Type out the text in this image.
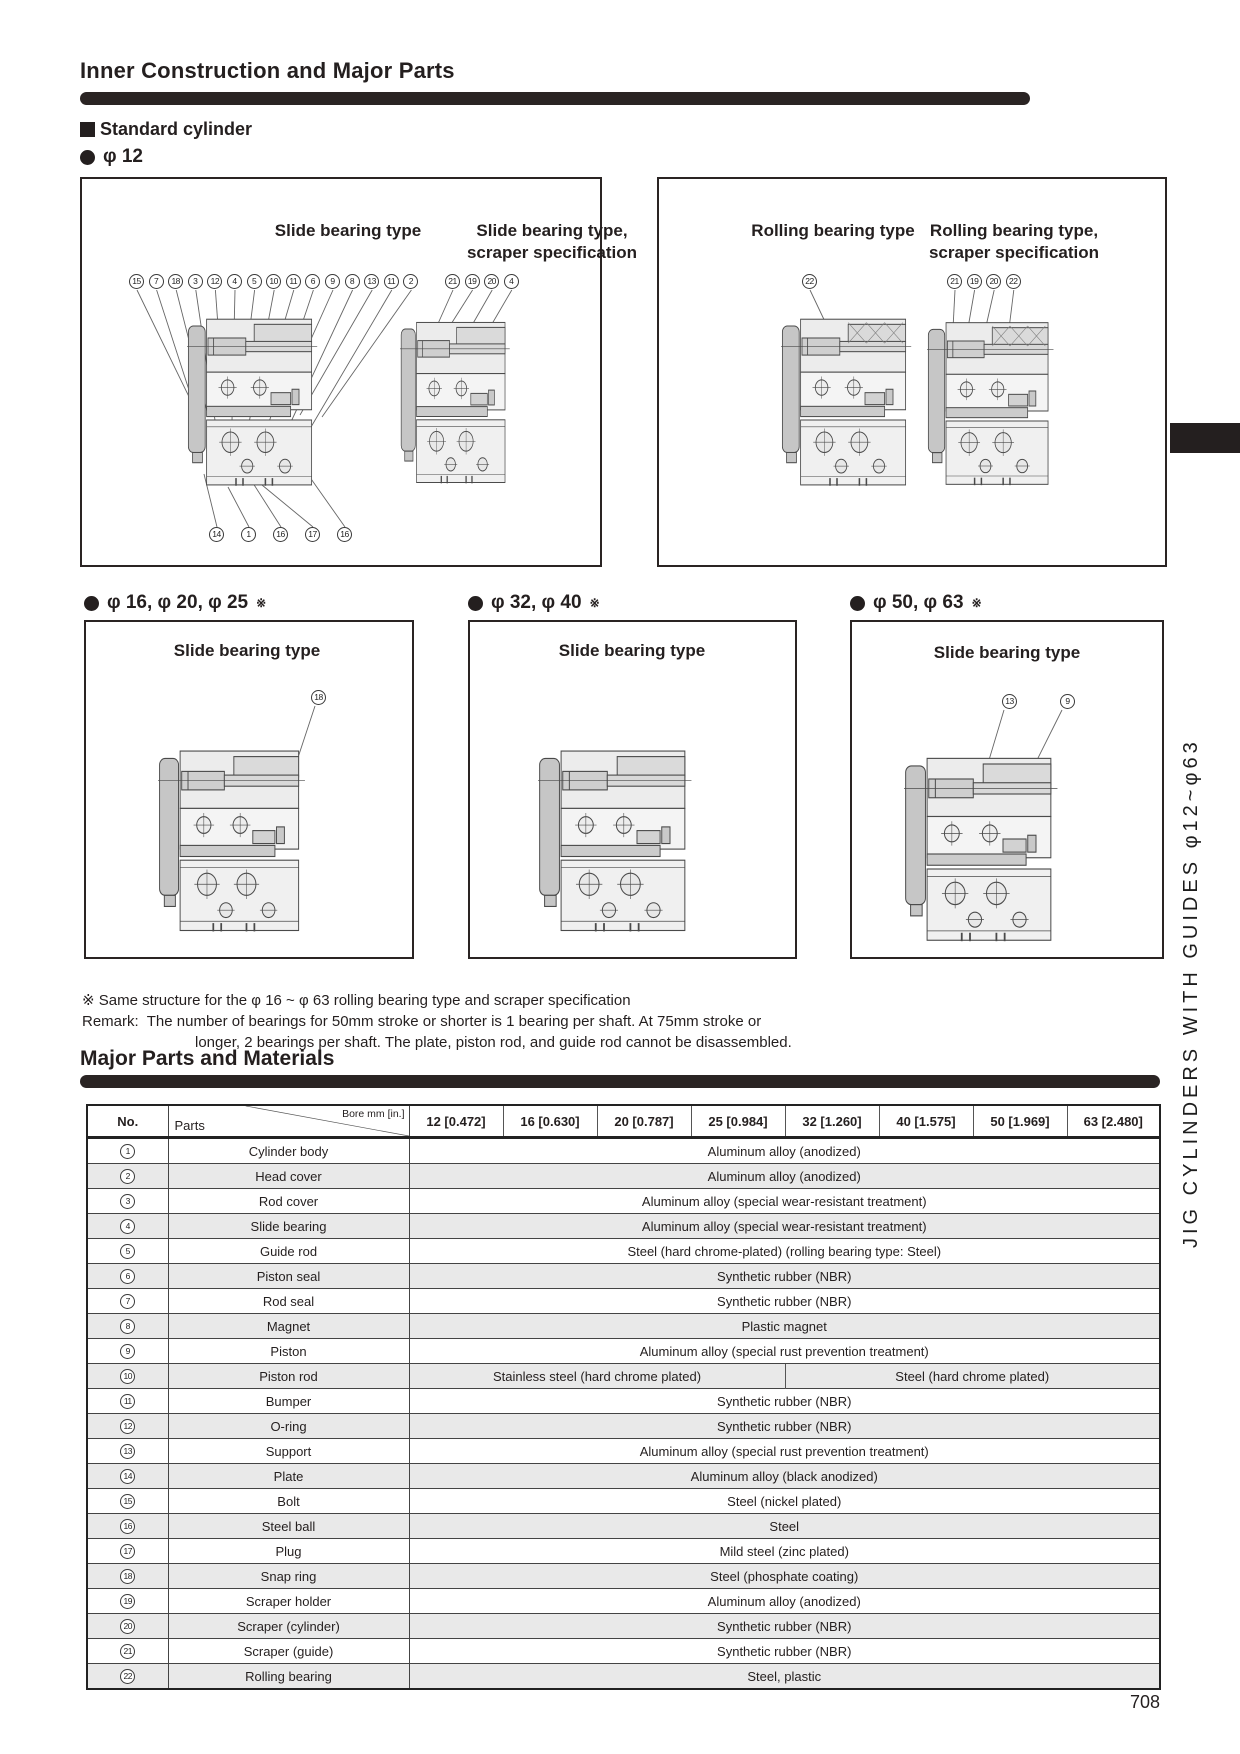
Inner Construction and Major Parts
Standard cylinder
φ 12
Slide bearing type	Slide bearing type,
scraper specification
15	7	18	3	12	4	5	10	11	6	9	8	13	11	2	21	19	20	4
14	1	16	17	16
Rolling bearing type Rolling bearing type,
scraper specification
22	21	19	20	22
φ 16, φ 20, φ 25 ※	φ 32, φ 40 ※	φ 50, φ 63 ※
Slide bearing type
18
Slide bearing type	Slide bearing type
13	9
※ Same structure for the φ 16 ~ φ 63 rolling bearing type and scraper specification
Remark: The number of bearings for 50mm stroke or shorter is 1 bearing per shaft. At 75mm stroke or
longer, 2 bearings per shaft. The plate, piston rod, and guide rod cannot be disassembled.
Major Parts and Materials
No.	Parts
Bore mm [in.]	12 [0.472]	16 [0.630]	20 [0.787]	25 [0.984]	32 [1.260]	40 [1.575]	50 [1.969]	63 [2.480]
1	Cylinder body	Aluminum alloy (anodized)							
2	Head cover	Aluminum alloy (anodized)							
3	Rod cover	Aluminum alloy (special wear-resistant treatment)							
4	Slide bearing	Aluminum alloy (special wear-resistant treatment)							
5	Guide rod	Steel (hard chrome-plated) (rolling bearing type: Steel)							
6	Piston seal	Synthetic rubber (NBR)							
7	Rod seal	Synthetic rubber (NBR)							
8	Magnet	Plastic magnet							
9	Piston	Aluminum alloy (special rust prevention treatment)							
10	Piston rod	Stainless steel (hard chrome plated)				Steel (hard chrome plated)			
11	Bumper	Synthetic rubber (NBR)							
12	O-ring	Synthetic rubber (NBR)							
13	Support	Aluminum alloy (special rust prevention treatment)							
14	Plate	Aluminum alloy (black anodized)							
15	Bolt	Steel (nickel plated)							
16	Steel ball	Steel							
17	Plug	Mild steel (zinc plated)							
18	Snap ring	Steel (phosphate coating)							
19	Scraper holder	Aluminum alloy (anodized)							
20	Scraper (cylinder)	Synthetic rubber (NBR)							
21	Scraper (guide)	Synthetic rubber (NBR)							
22	Rolling bearing	Steel, plastic							
JIG CYLINDERS WITH GUIDES φ12~φ63
708
